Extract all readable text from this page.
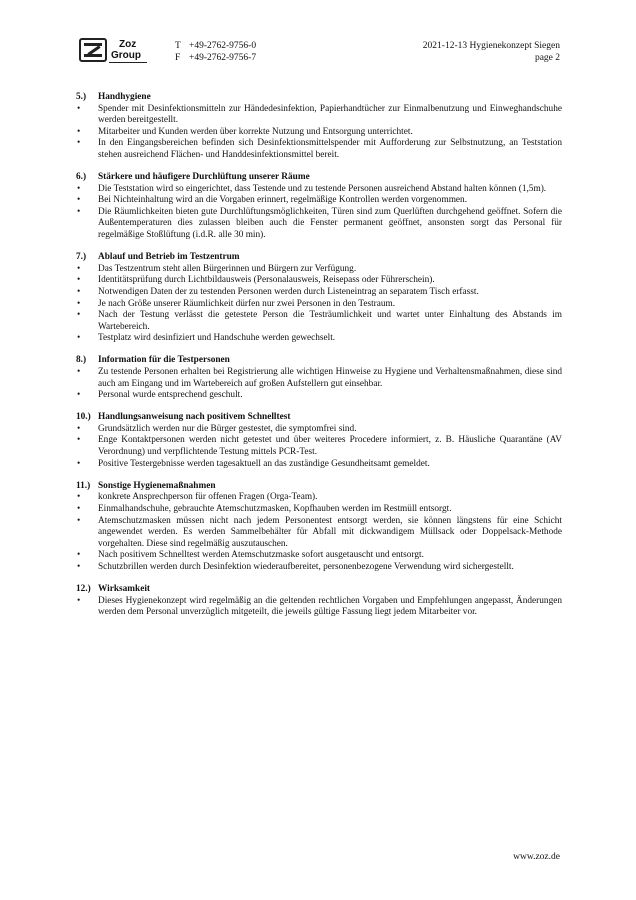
Zoz
Group
T +49-2762-9756-0
F +49-2762-9756-7
2021-12-13 Hygienekonzept Siegen
page 2
5.)	Handhygiene
• Spender mit Desinfektionsmitteln zur Händedesinfektion, Papierhandtücher zur Einmalbenutzung und Einweghandschuhe werden bereitgestellt.
• Mitarbeiter und Kunden werden über korrekte Nutzung und Entsorgung unterrichtet.
• In den Eingangsbereichen befinden sich Desinfektionsmittelspender mit Aufforderung zur Selbstnutzung, an Teststation stehen ausreichend Flächen- und Handdesinfektionsmittel bereit.
6.)	Stärkere und häufigere Durchlüftung unserer Räume
• Die Teststation wird so eingerichtet, dass Testende und zu testende Personen ausreichend Abstand halten können (1,5m).
• Bei Nichteinhaltung wird an die Vorgaben erinnert, regelmäßige Kontrollen werden vorgenommen.
• Die Räumlichkeiten bieten gute Durchlüftungsmöglichkeiten, Türen sind zum Querlüften durchgehend geöffnet. Sofern die Außentemperaturen dies zulassen bleiben auch die Fenster permanent geöffnet, ansonsten sorgt das Personal für regelmäßige Stoßlüftung (i.d.R. alle 30 min).
7.)	Ablauf und Betrieb im Testzentrum
• Das Testzentrum steht allen Bürgerinnen und Bürgern zur Verfügung.
• Identitätsprüfung durch Lichtbildausweis (Personalausweis, Reisepass oder Führerschein).
• Notwendigen Daten der zu testenden Personen werden durch Listeneintrag an separatem Tisch erfasst.
• Je nach Größe unserer Räumlichkeit dürfen nur zwei Personen in den Testraum.
• Nach der Testung verlässt die getestete Person die Testräumlichkeit und wartet unter Einhaltung des Abstands im Wartebereich.
• Testplatz wird desinfiziert und Handschuhe werden gewechselt.
8.)	Information für die Testpersonen
• Zu testende Personen erhalten bei Registrierung alle wichtigen Hinweise zu Hygiene und Verhaltensmaßnahmen, diese sind auch am Eingang und im Wartebereich auf großen Aufstellern gut einsehbar.
• Personal wurde entsprechend geschult.
10.) Handlungsanweisung nach positivem Schnelltest
• Grundsätzlich werden nur die Bürger gestestet, die symptomfrei sind.
• Enge Kontaktpersonen werden nicht getestet und über weiteres Procedere informiert, z. B. Häusliche Quarantäne (AV Verordnung) und verpflichtende Testung mittels PCR-Test.
• Positive Testergebnisse werden tagesaktuell an das zuständige Gesundheitsamt gemeldet.
11.) Sonstige Hygienemaßnahmen
• konkrete Ansprechperson für offenen Fragen (Orga-Team).
• Einmalhandschuhe, gebrauchte Atemschutzmasken, Kopfhauben werden im Restmüll entsorgt.
• Atemschutzmasken müssen nicht nach jedem Personentest entsorgt werden, sie können längstens für eine Schicht angewendet werden. Es werden Sammelbehälter für Abfall mit dickwandigem Müllsack oder Doppelsack-Methode vorgehalten. Diese sind regelmäßig auszutauschen.
• Nach positivem Schnelltest werden Atemschutzmaske sofort ausgetauscht und entsorgt.
• Schutzbrillen werden durch Desinfektion wiederaufbereitet, personenbezogene Verwendung wird sichergestellt.
12.) Wirksamkeit
• Dieses Hygienekonzept wird regelmäßig an die geltenden rechtlichen Vorgaben und Empfehlungen angepasst, Änderungen werden dem Personal unverzüglich mitgeteilt, die jeweils gültige Fassung liegt jedem Mitarbeiter vor.
www.zoz.de
